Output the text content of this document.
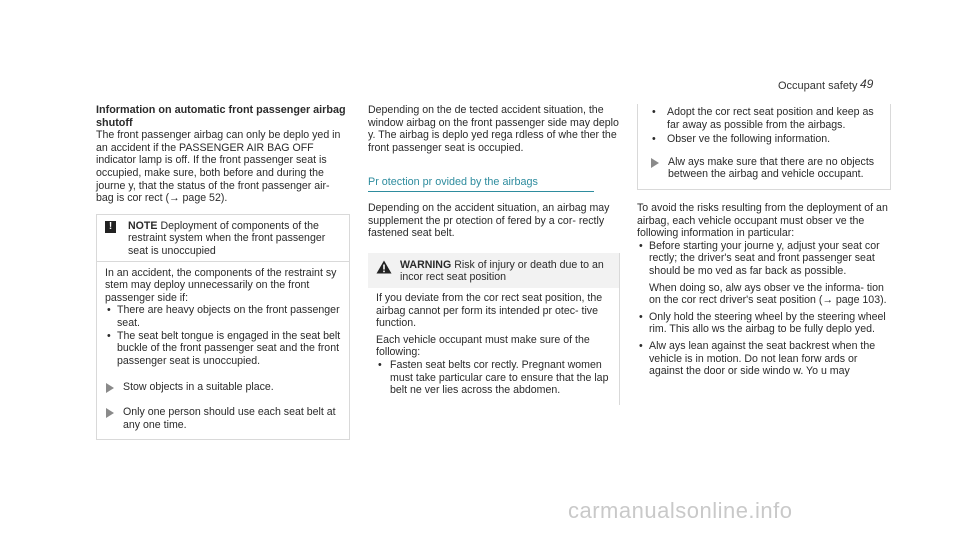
Occupant safety 49
Information on automatic front passenger airbag shutoff

The front passenger airbag can only be deplo yed in an accident if the PASSENGER AIR BAG OFF indicator lamp is off. If the front passenger seat is occupied, make sure, both before and during the journe y, that the status of the front passenger air‐ bag is cor rect (→ page 52).

!	NOTE Deployment of components of the restraint system when the front passenger seat is unoccupied

In an accident, the components of the restraint sy stem may deploy unnecessarily on the front passenger side if:

• There are heavy objects on the front passenger seat.
• The seat belt tongue is engaged in the seat belt buckle of the front passenger seat and the front passenger seat is unoccupied.
Stow objects in a suitable place.
Only one person should use each seat belt at any one time.

Depending on the de tected accident situation, the window airbag on the front passenger side may deplo y. The airbag is deplo yed rega rdless of whe ther the front passenger seat is occupied.

Pr otection pr ovided by the airbags

Depending on the accident situation, an airbag may supplement the pr otection of fered by a cor‐ rectly fastened seat belt.

WARNING Risk of injury or death due to an incor rect seat position

If you deviate from the cor rect seat position, the airbag cannot per form its intended pr otec‐ tive function.

Each vehicle occupant must make sure of the following:

• Fasten seat belts cor rectly. Pregnant women must take particular care to ensure that the lap belt ne ver lies across the abdomen.
• Adopt the cor rect seat position and keep as far away as possible from the airbags.
• Obser ve the following information.
Alw ays make sure that there are no objects between the airbag and vehicle occupant.

To avoid the risks resulting from the deployment of an airbag, each vehicle occupant must obser ve the following information in particular:

• Before starting your journe y, adjust your seat cor rectly; the driver's seat and front passenger seat should be mo ved as far back as possible.
When doing so, alw ays obser ve the informa‐ tion on the cor rect driver's seat position (→ page 103).
• Only hold the steering wheel by the steering wheel rim. This allo ws the airbag to be fully deplo yed.
• Alw ays lean against the seat backrest when the vehicle is in motion. Do not lean forw ards or against the door or side windo w. Yo u may
carmanualsonline.info
